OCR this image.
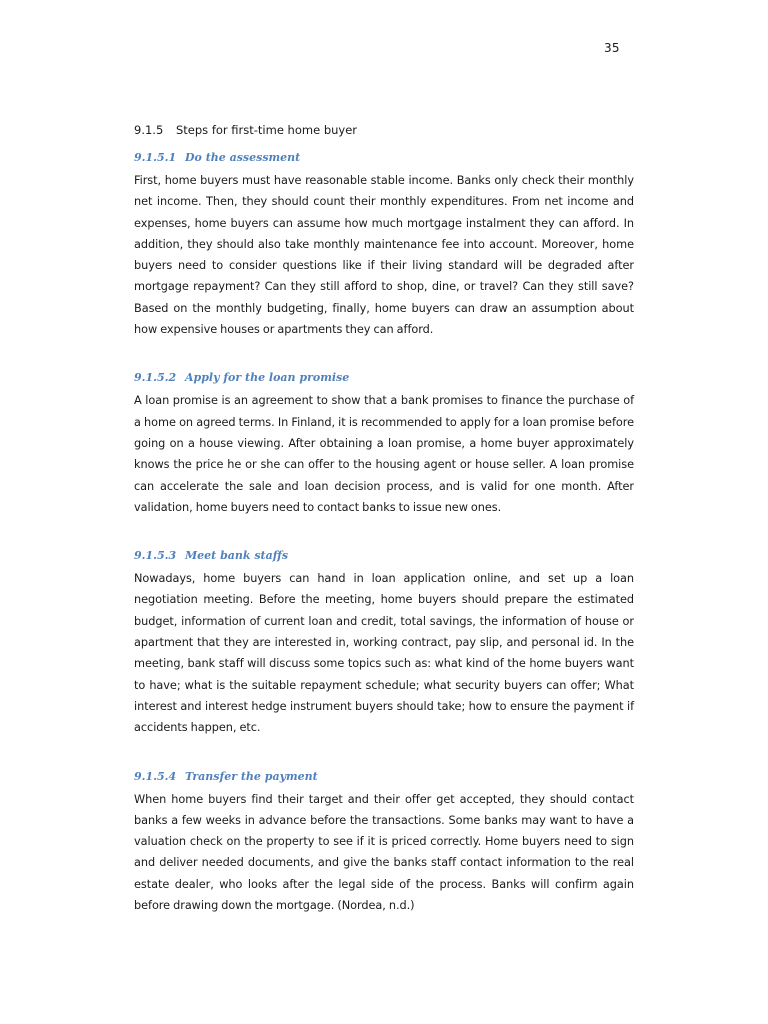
35
9.1.5 Steps for first-time home buyer
9.1.5.1 Do the assessment

First, home buyers must have reasonable stable income. Banks only check their monthly net income. Then, they should count their monthly expenditures. From net income and expenses, home buyers can assume how much mortgage instalment they can afford. In addition, they should also take monthly maintenance fee into account. Moreover, home buyers need to consider questions like if their living standard will be degraded after mortgage repayment? Can they still afford to shop, dine, or travel? Can they still save? Based on the monthly budgeting, finally, home buyers can draw an assumption about how expensive houses or apartments they can afford.

9.1.5.2 Apply for the loan promise

A loan promise is an agreement to show that a bank promises to finance the purchase of a home on agreed terms. In Finland, it is recommended to apply for a loan promise before going on a house viewing. After obtaining a loan promise, a home buyer approximately knows the price he or she can offer to the housing agent or house seller. A loan promise can accelerate the sale and loan decision process, and is valid for one month. After validation, home buyers need to contact banks to issue new ones.

9.1.5.3 Meet bank staffs

Nowadays, home buyers can hand in loan application online, and set up a loan negotiation meeting. Before the meeting, home buyers should prepare the estimated budget, information of current loan and credit, total savings, the information of house or apartment that they are interested in, working contract, pay slip, and personal id. In the meeting, bank staff will discuss some topics such as: what kind of the home buyers want to have; what is the suitable repayment schedule; what security buyers can offer; What interest and interest hedge instrument buyers should take; how to ensure the payment if accidents happen, etc.

9.1.5.4 Transfer the payment

When home buyers find their target and their offer get accepted, they should contact banks a few weeks in advance before the transactions. Some banks may want to have a valuation check on the property to see if it is priced correctly. Home buyers need to sign and deliver needed documents, and give the banks staff contact information to the real estate dealer, who looks after the legal side of the process. Banks will confirm again before drawing down the mortgage. (Nordea, n.d.)
